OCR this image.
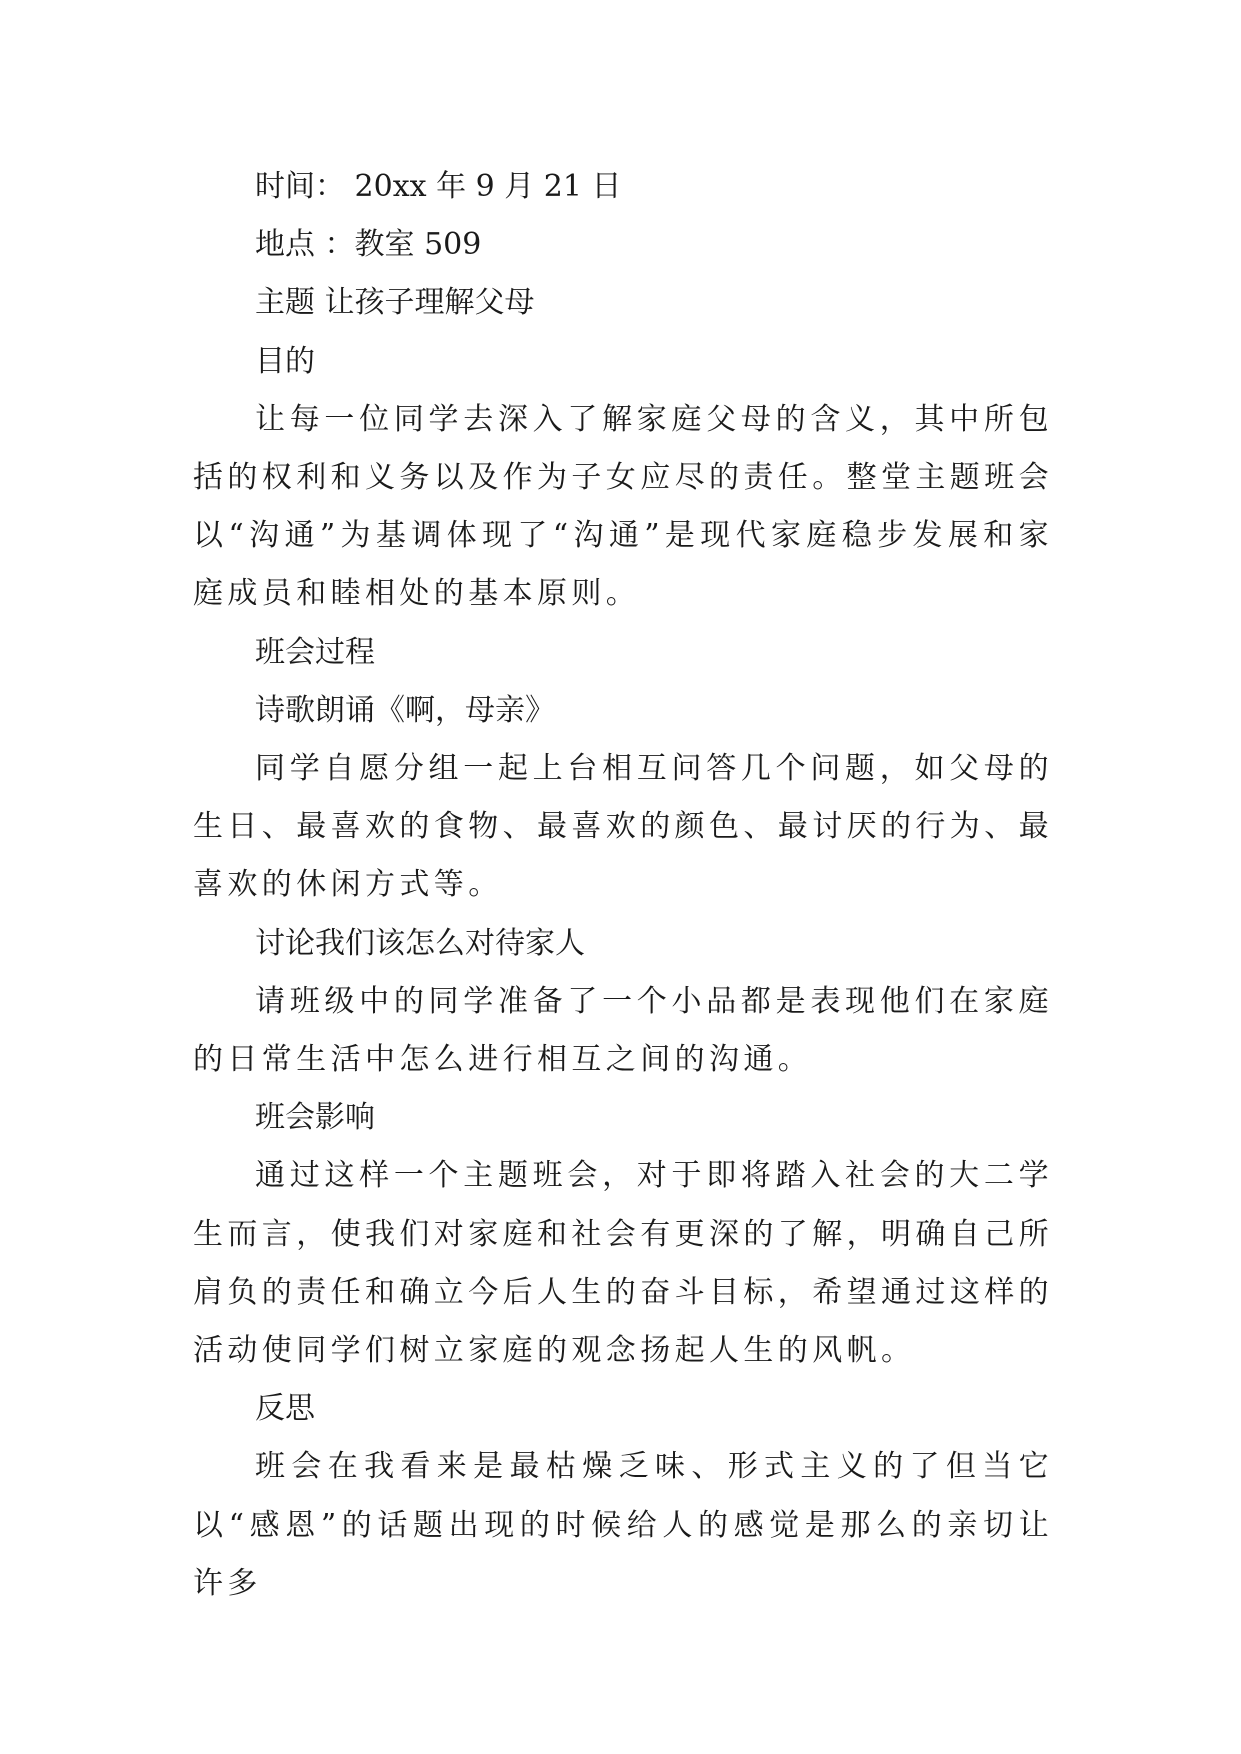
时间： 20xx 年 9 月 21 日

地点 ：教室 509

主题 让孩子理解父母

目的

让每一位同学去深入了解家庭父母的含义，其中所包括的权利和义务以及作为子女应尽的责任。整堂主题班会以“沟通”为基调体现了“沟通”是现代家庭稳步发展和家庭成员和睦相处的基本原则。

班会过程

诗歌朗诵《啊，母亲》

同学自愿分组一起上台相互问答几个问题，如父母的生日、最喜欢的食物、最喜欢的颜色、最讨厌的行为、最喜欢的休闲方式等。

讨论我们该怎么对待家人

请班级中的同学准备了一个小品都是表现他们在家庭的日常生活中怎么进行相互之间的沟通。

班会影响

通过这样一个主题班会，对于即将踏入社会的大二学生而言，使我们对家庭和社会有更深的了解，明确自己所肩负的责任和确立今后人生的奋斗目标，希望通过这样的活动使同学们树立家庭的观念扬起人生的风帆。

反思

班会在我看来是最枯燥乏味、形式主义的了但当它以“感恩”的话题出现的时候给人的感觉是那么的亲切让许多
